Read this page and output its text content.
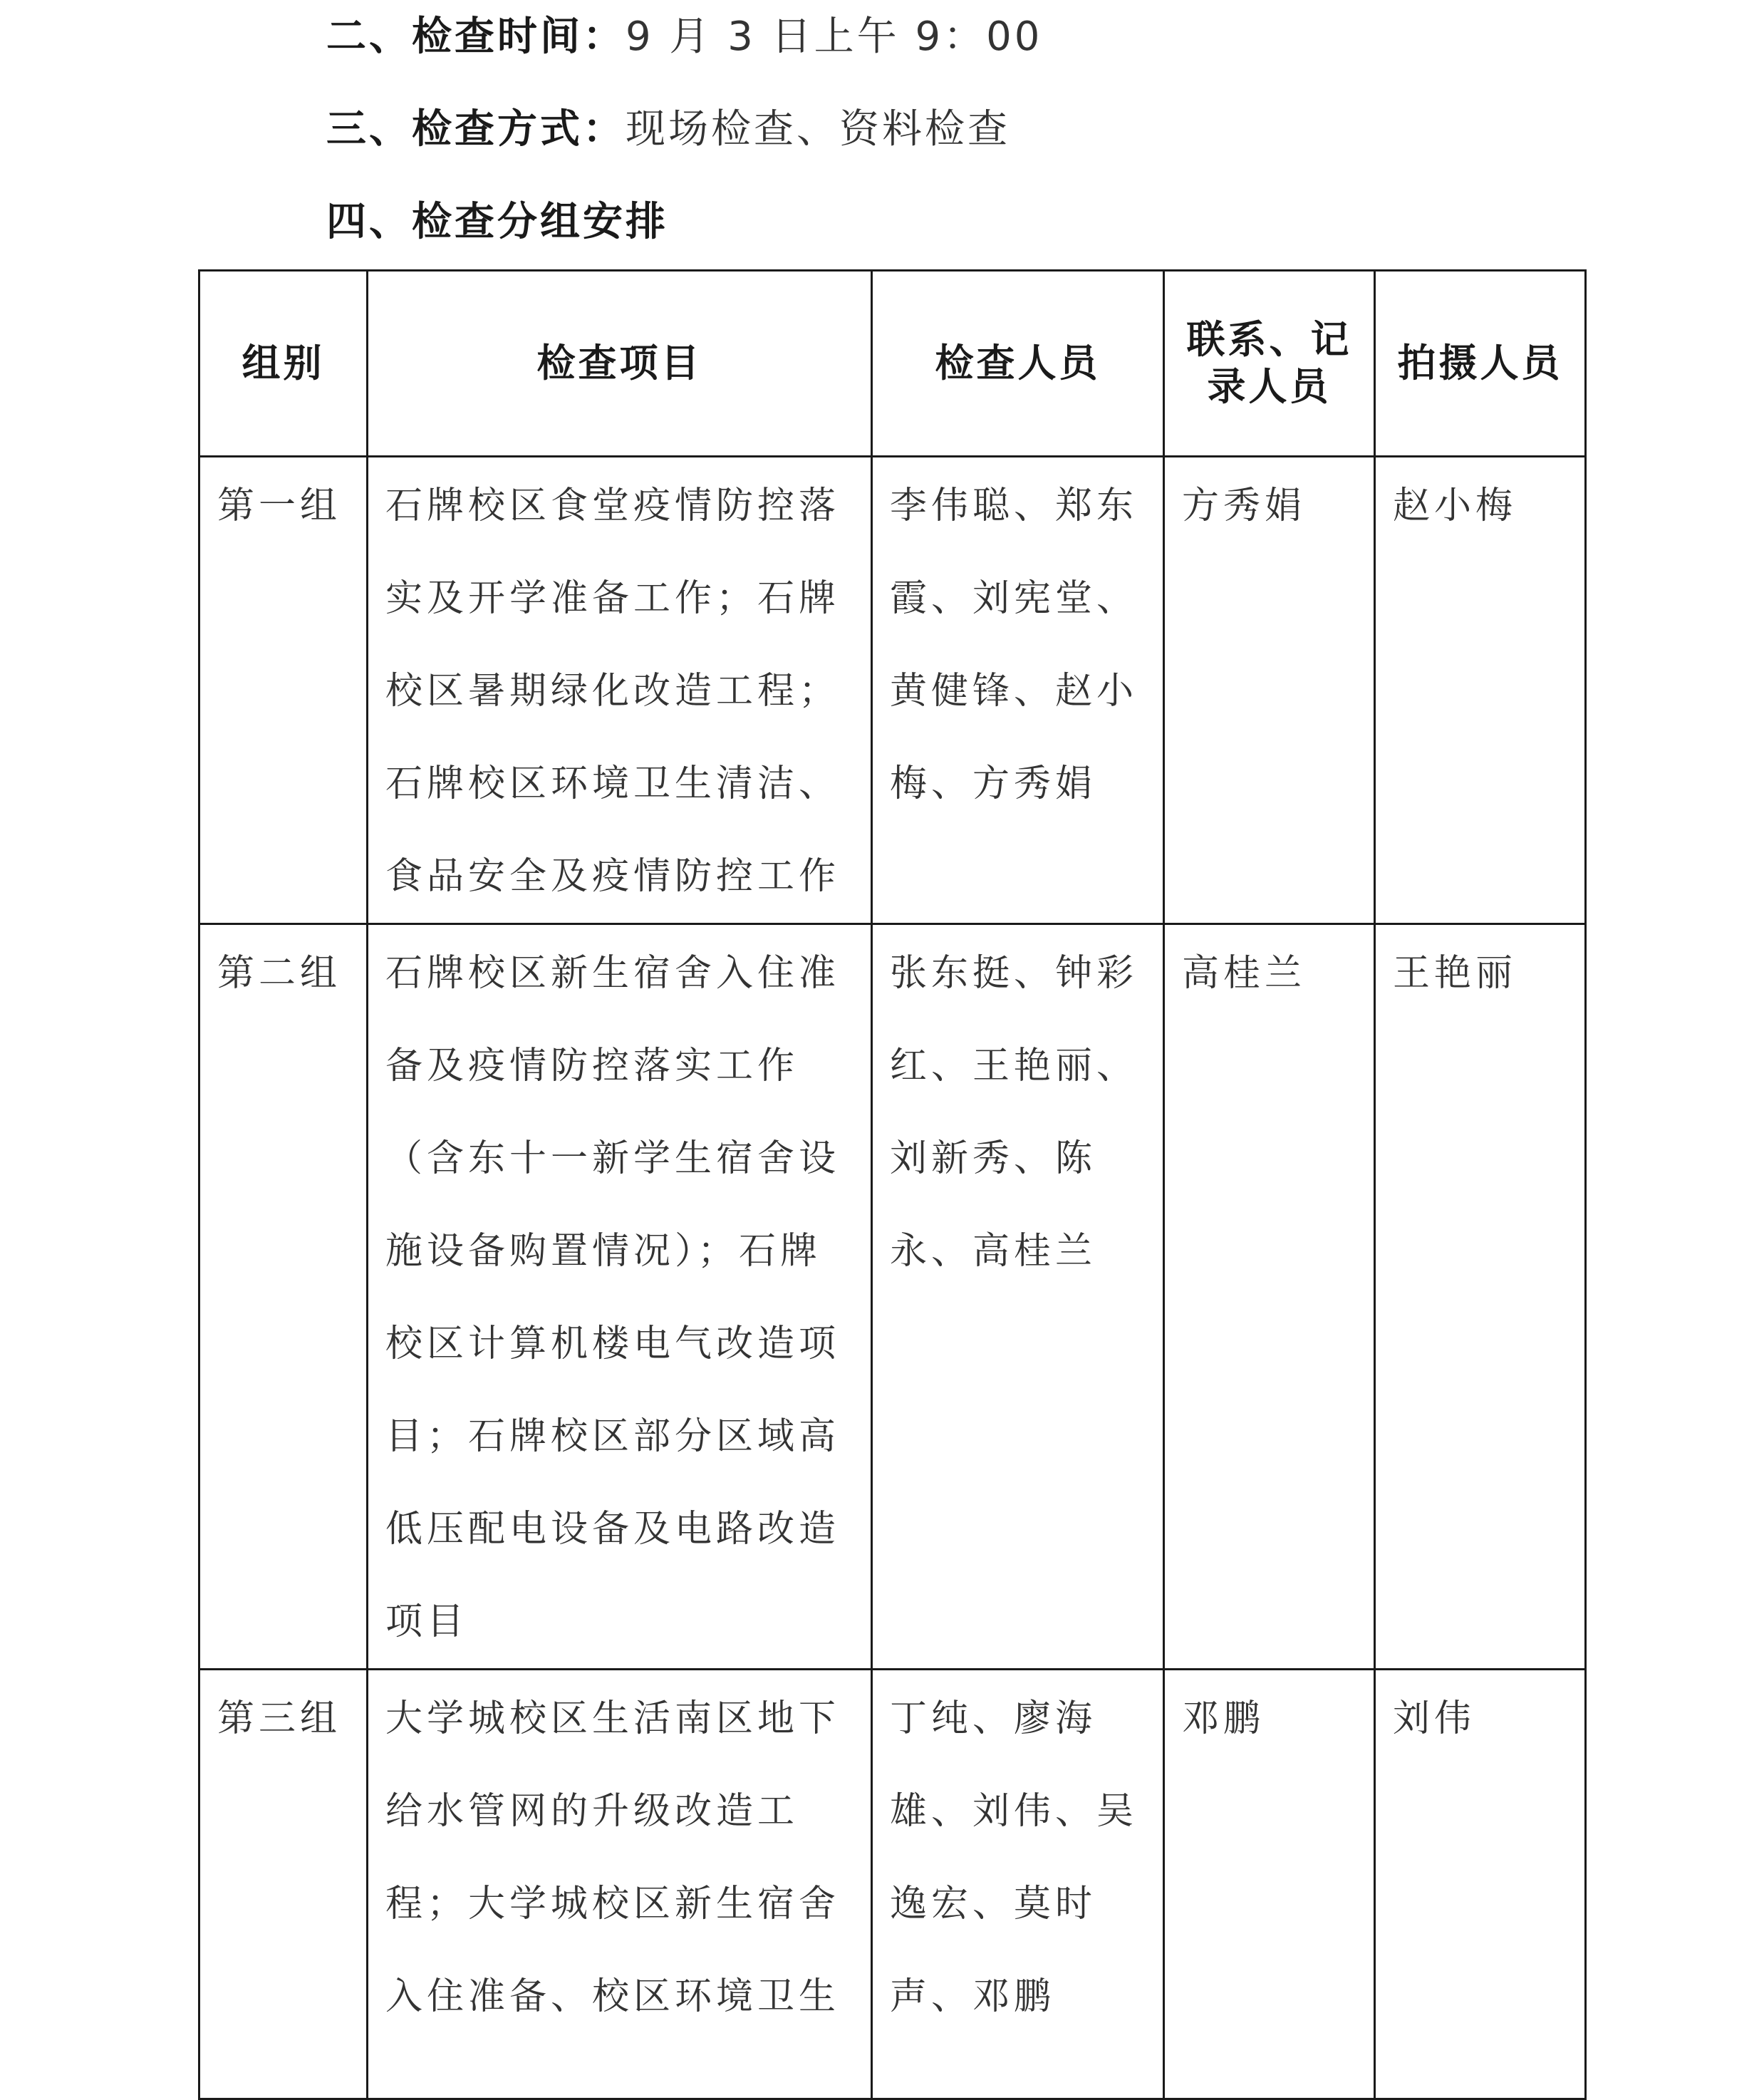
二、检查时间：9 月 3 日上午 9：00
三、检查方式：现场检查、资料检查
四、检查分组安排
组别	检查项目	检查人员	联系、记录人员	拍摄人员

第一组	石牌校区食堂疫情防控落实及开学准备工作；石牌校区暑期绿化改造工程；石牌校区环境卫生清洁、食品安全及疫情防控工作	李伟聪、郑东霞、刘宪堂、黄健锋、赵小梅、方秀娟	方秀娟	赵小梅

第二组	石牌校区新生宿舍入住准备及疫情防控落实工作（含东十一新学生宿舍设施设备购置情况）；石牌校区计算机楼电气改造项目；石牌校区部分区域高低压配电设备及电路改造项目	张东挺、钟彩红、王艳丽、刘新秀、陈永、高桂兰	高桂兰	王艳丽

第三组	大学城校区生活南区地下给水管网的升级改造工程；大学城校区新生宿舍入住准备、校区环境卫生	丁纯、廖海雄、刘伟、吴逸宏、莫时声、邓鹏	邓鹏	刘伟
